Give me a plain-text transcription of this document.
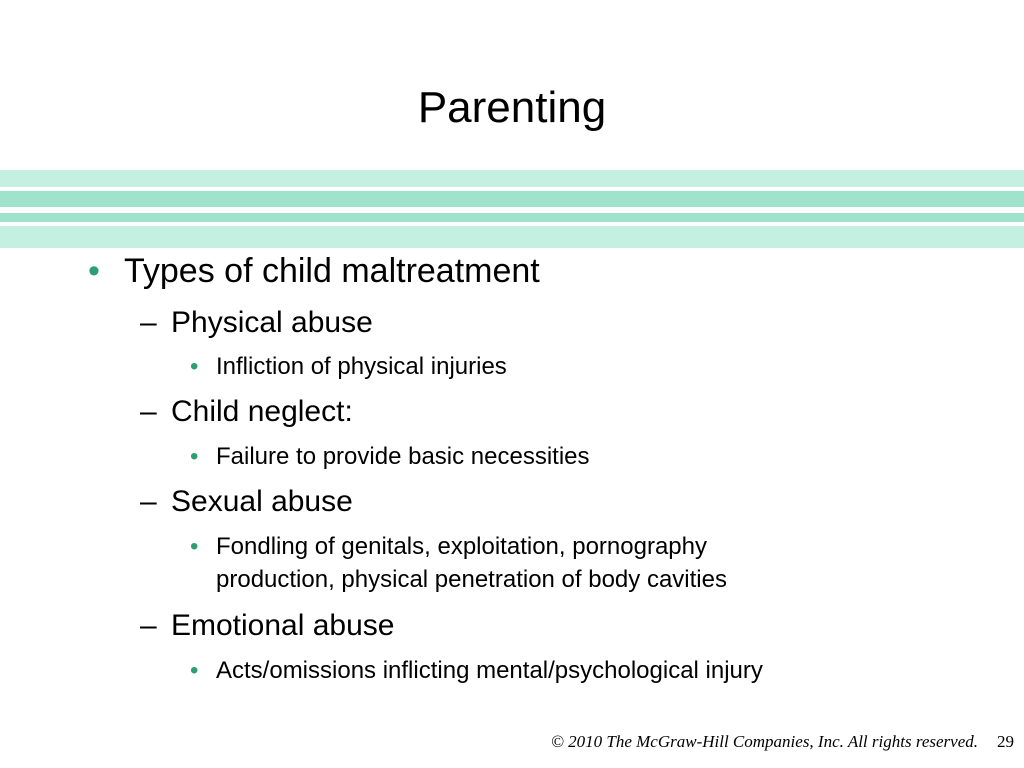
Parenting
• Types of child maltreatment
– Physical abuse
• Infliction of physical injuries
– Child neglect:
• Failure to provide basic necessities
– Sexual abuse
• Fondling of genitals, exploitation, pornography
production, physical penetration of body cavities
– Emotional abuse
• Acts/omissions inflicting mental/psychological injury
© 2010 The McGraw-Hill Companies, Inc. All rights reserved. 29
